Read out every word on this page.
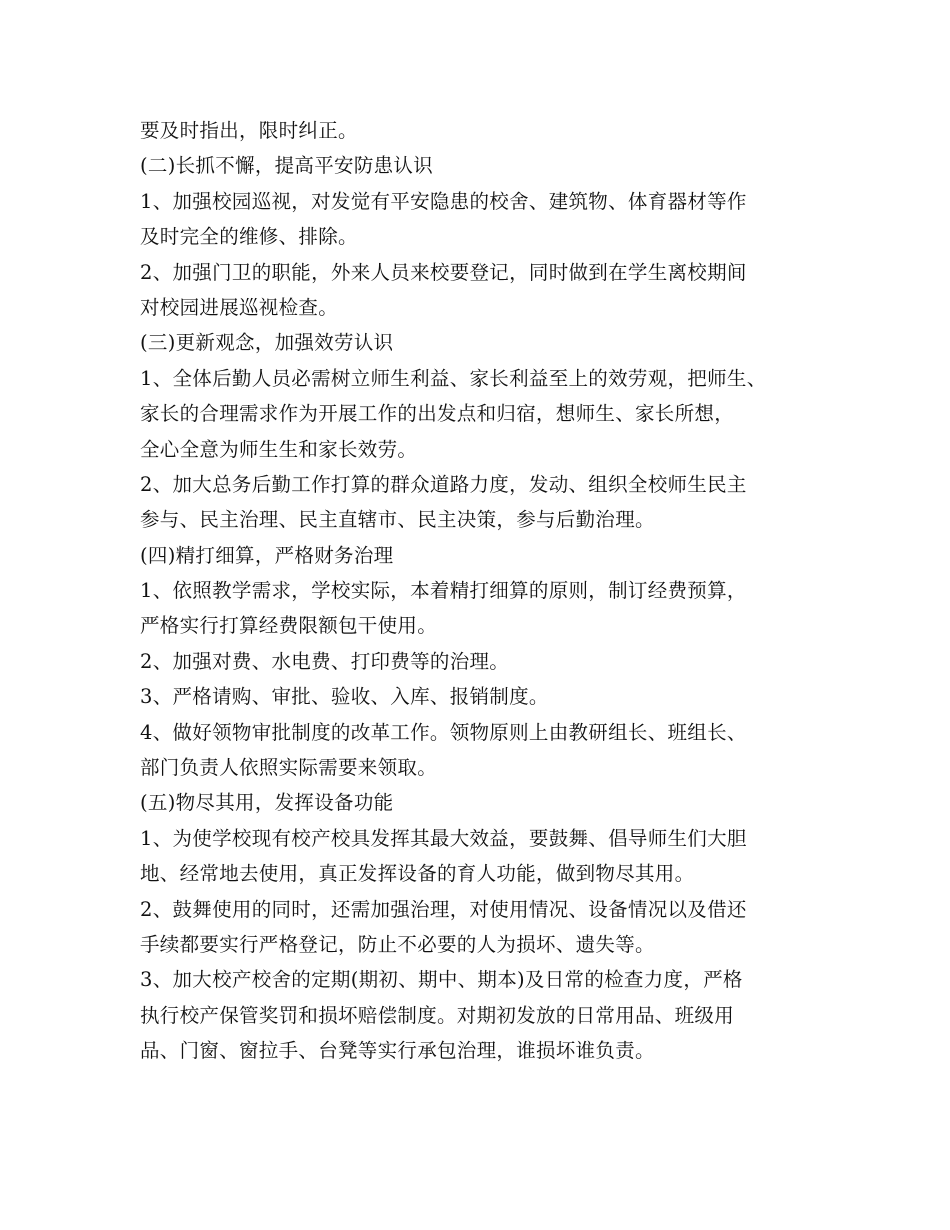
要及时指出，限时纠正。
(二)长抓不懈，提高平安防患认识
1、加强校园巡视，对发觉有平安隐患的校舍、建筑物、体育器材等作
及时完全的维修、排除。
2、加强门卫的职能，外来人员来校要登记，同时做到在学生离校期间
对校园进展巡视检查。
(三)更新观念，加强效劳认识
1、全体后勤人员必需树立师生利益、家长利益至上的效劳观，把师生、
家长的合理需求作为开展工作的出发点和归宿，想师生、家长所想，
全心全意为师生生和家长效劳。
2、加大总务后勤工作打算的群众道路力度，发动、组织全校师生民主
参与、民主治理、民主直辖市、民主决策，参与后勤治理。
(四)精打细算，严格财务治理
1、依照教学需求，学校实际，本着精打细算的原则，制订经费预算，
严格实行打算经费限额包干使用。
2、加强对费、水电费、打印费等的治理。
3、严格请购、审批、验收、入库、报销制度。
4、做好领物审批制度的改革工作。领物原则上由教研组长、班组长、
部门负责人依照实际需要来领取。
(五)物尽其用，发挥设备功能
1、为使学校现有校产校具发挥其最大效益，要鼓舞、倡导师生们大胆
地、经常地去使用，真正发挥设备的育人功能，做到物尽其用。
2、鼓舞使用的同时，还需加强治理，对使用情况、设备情况以及借还
手续都要实行严格登记，防止不必要的人为损坏、遗失等。
3、加大校产校舍的定期(期初、期中、期本)及日常的检查力度，严格
执行校产保管奖罚和损坏赔偿制度。对期初发放的日常用品、班级用
品、门窗、窗拉手、台凳等实行承包治理，谁损坏谁负责。
